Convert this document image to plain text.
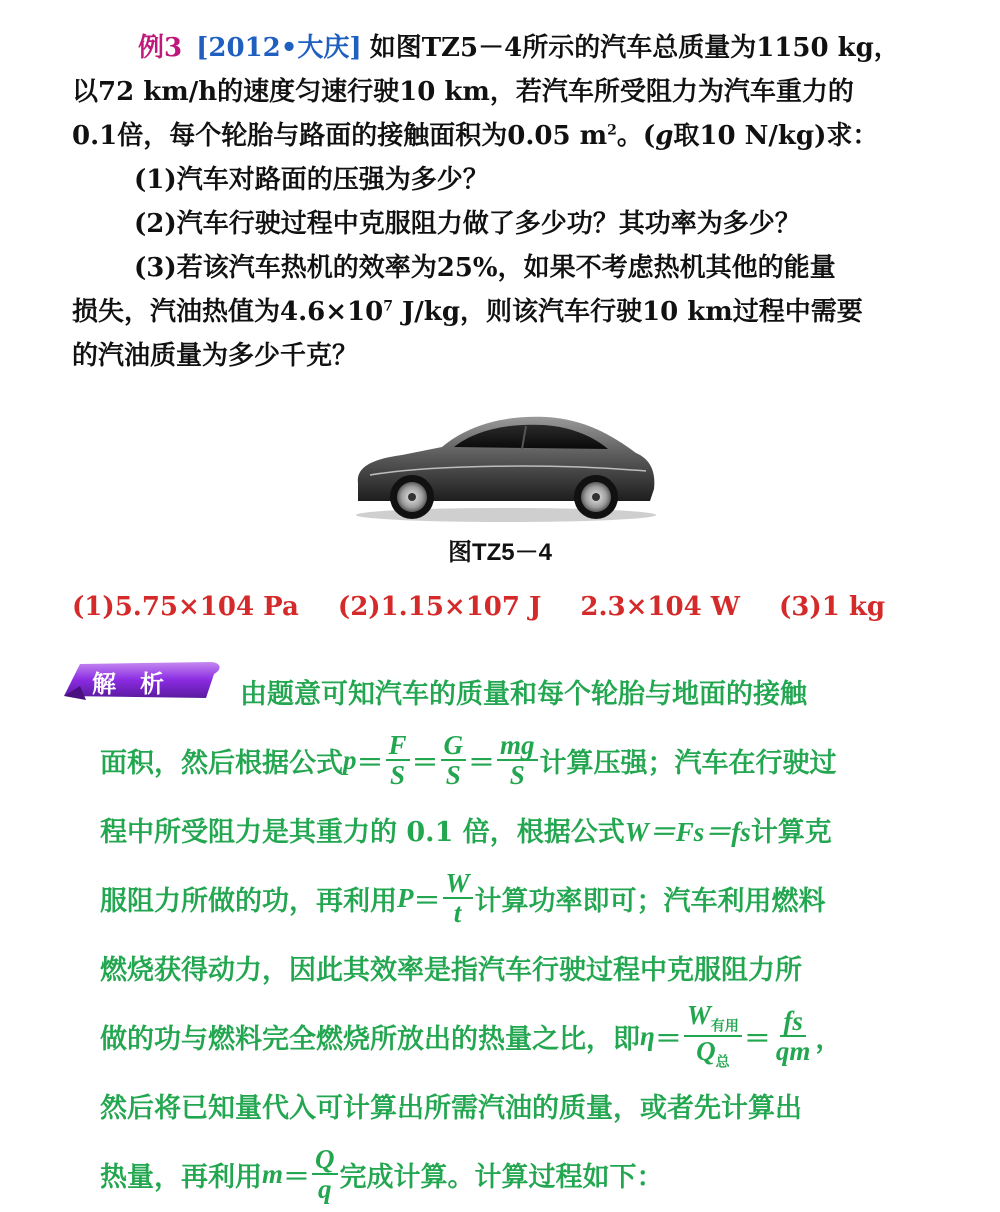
例3 [2012•大庆] 如图TZ5－4所示的汽车总质量为1150 kg，

以72 km/h的速度匀速行驶10 km，若汽车所受阻力为汽车重力的

0.1倍，每个轮胎与路面的接触面积为0.05 $m^2$。(g取10 N/kg)求：

(1)汽车对路面的压强为多少？

(2)汽车行驶过程中克服阻力做了多少功？其功率为多少？

(3)若该汽车热机的效率为25%，如果不考虑热机其他的能量

损失，汽油热值为$4.6\times 10^7$ J/kg，则该汽车行驶10 km过程中需要

的汽油质量为多少千克？

图TZ5－4
(1)5.75×104 Pa (2)1.15×107 J 2.3×104 W (3)1 kg
解析 由题意可知汽车的质量和每个轮胎与地面的接触
面积，然后根据公式 $p = \frac{F}{S} = \frac{G}{S} = \frac{mg}{S}$ 计算压强；汽车在行驶过
程中所受阻力是其重力的 0.1 倍，根据公式 W＝Fs＝fs 计算克
服阻力所做的功，再利用 $P = \frac{W}{t}$ 计算功率即可；汽车利用燃料
燃烧获得动力，因此其效率是指汽车行驶过程中克服阻力所
做的功与燃料完全燃烧所放出的热量之比，即 $\eta = \frac{W_{有用}}{Q_总} = \frac{fs}{qm}$ ，
然后将已知量代入可计算出所需汽油的质量，或者先计算出
热量，再利用 $m = \frac{Q}{q}$ 完成计算。计算过程如下：
